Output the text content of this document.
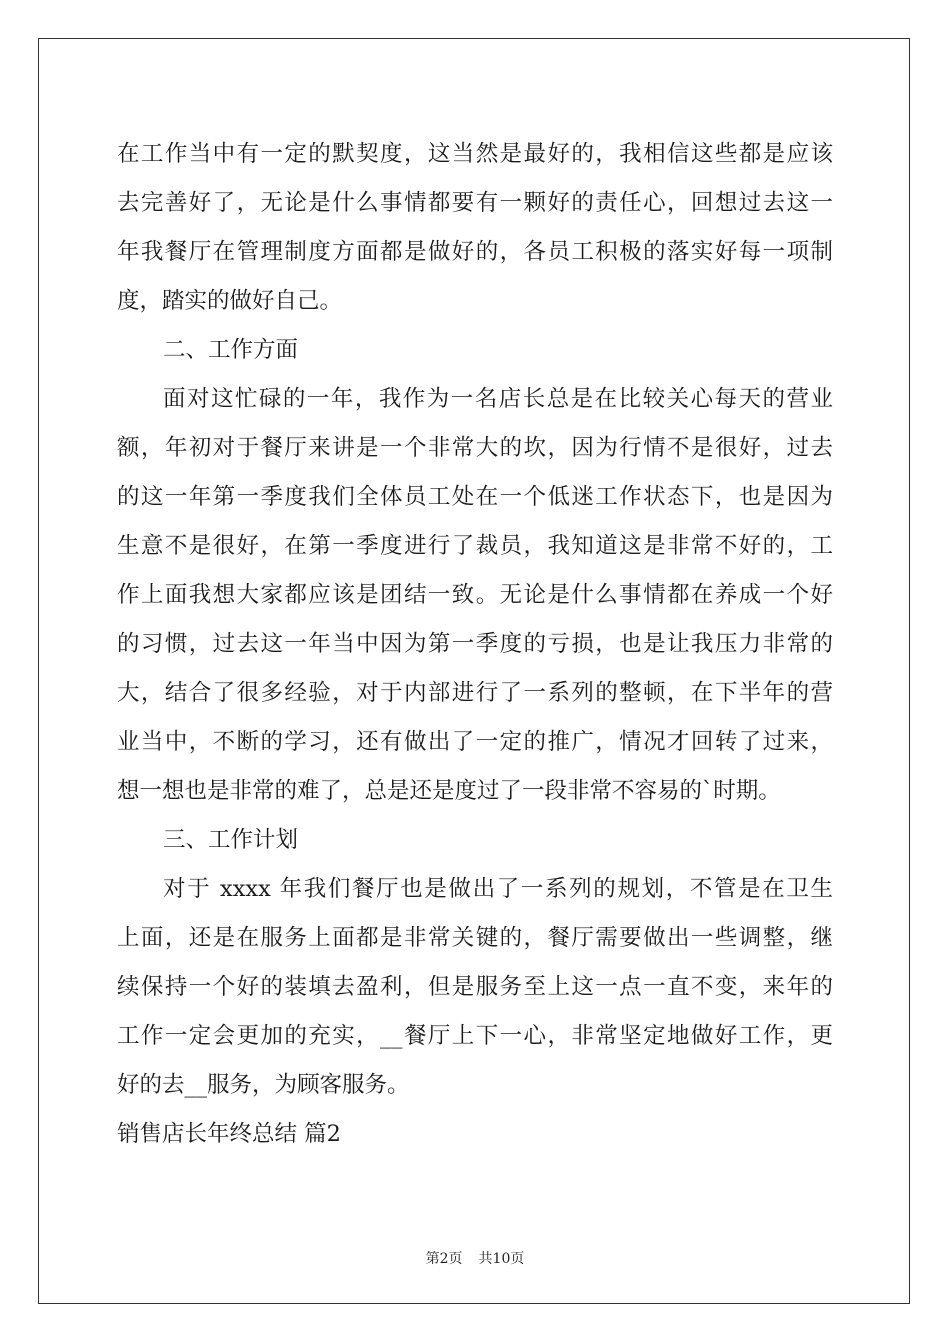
在工作当中有一定的默契度，这当然是最好的，我相信这些都是应该
去完善好了，无论是什么事情都要有一颗好的责任心，回想过去这一
年我餐厅在管理制度方面都是做好的，各员工积极的落实好每一项制
度，踏实的做好自己。
二、工作方面
面对这忙碌的一年，我作为一名店长总是在比较关心每天的营业
额，年初对于餐厅来讲是一个非常大的坎，因为行情不是很好，过去
的这一年第一季度我们全体员工处在一个低迷工作状态下，也是因为
生意不是很好，在第一季度进行了裁员，我知道这是非常不好的，工
作上面我想大家都应该是团结一致。无论是什么事情都在养成一个好
的习惯，过去这一年当中因为第一季度的亏损，也是让我压力非常的
大，结合了很多经验，对于内部进行了一系列的整顿，在下半年的营
业当中，不断的学习，还有做出了一定的推广，情况才回转了过来，
想一想也是非常的难了，总是还是度过了一段非常不容易的`时期。
三、工作计划
对于 xxxx 年我们餐厅也是做出了一系列的规划，不管是在卫生
上面，还是在服务上面都是非常关键的，餐厅需要做出一些调整，继
续保持一个好的装填去盈利，但是服务至上这一点一直不变，来年的
工作一定会更加的充实，__餐厅上下一心，非常坚定地做好工作，更
好的去__服务，为顾客服务。
销售店长年终总结 篇2
第2页 共10页
